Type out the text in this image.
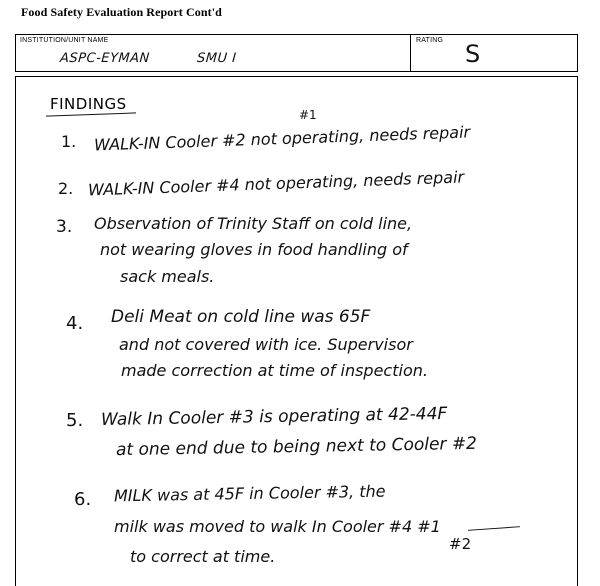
Food Safety Evaluation Report Cont'd
INSTITUTION/UNIT NAME
ASPC-EYMAN	SMU I
RATING S
FINDINGS
1.
#1
WALK-IN Cooler #2 not operating, needs repair
2. WALK-IN Cooler #4 not operating, needs repair
3. Observation of Trinity Staff on cold line,
not wearing gloves in food handling of
sack meals.
4. Deli Meat on cold line was 65F
and not covered with ice. Supervisor
made correction at time of inspection.
5. Walk In Cooler #3 is operating at 42-44F
at one end due to being next to Cooler #2
6. MILK was at 45F in Cooler #3, the
milk was moved to walk In Cooler #4 #1
#2
to correct at time.
